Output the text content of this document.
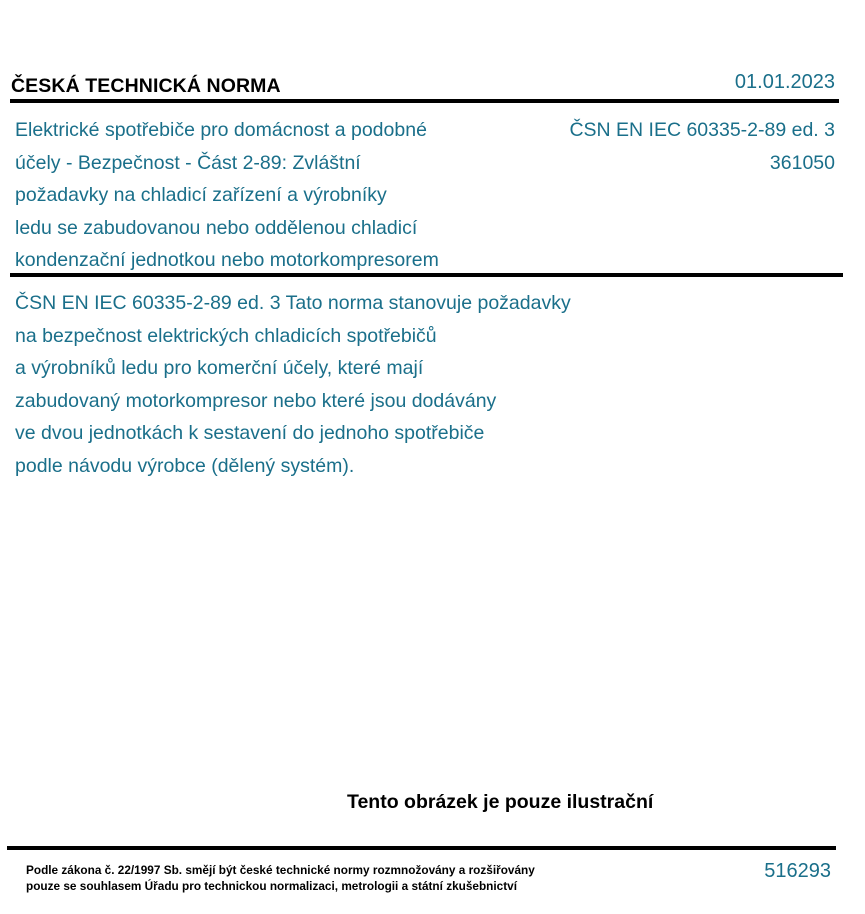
ČESKÁ TECHNICKÁ NORMA	01.01.2023
Elektrické spotřebiče pro domácnost a podobné
účely - Bezpečnost - Část 2-89: Zvláštní
požadavky na chladicí zařízení a výrobníky
ledu se zabudovanou nebo oddělenou chladicí
kondenzační jednotkou nebo motorkompresorem
ČSN EN IEC 60335-2-89 ed. 3
361050
ČSN EN IEC 60335-2-89 ed. 3 Tato norma stanovuje požadavky
na bezpečnost elektrických chladicích spotřebičů
a výrobníků ledu pro komerční účely, které mají
zabudovaný motorkompresor nebo které jsou dodávány
ve dvou jednotkách k sestavení do jednoho spotřebiče
podle návodu výrobce (dělený systém).
Tento obrázek je pouze ilustrační
Podle zákona č. 22/1997 Sb. smějí být české technické normy rozmnožovány a rozšiřovány
pouze se souhlasem Úřadu pro technickou normalizaci, metrologii a státní zkušebnictví
516293
